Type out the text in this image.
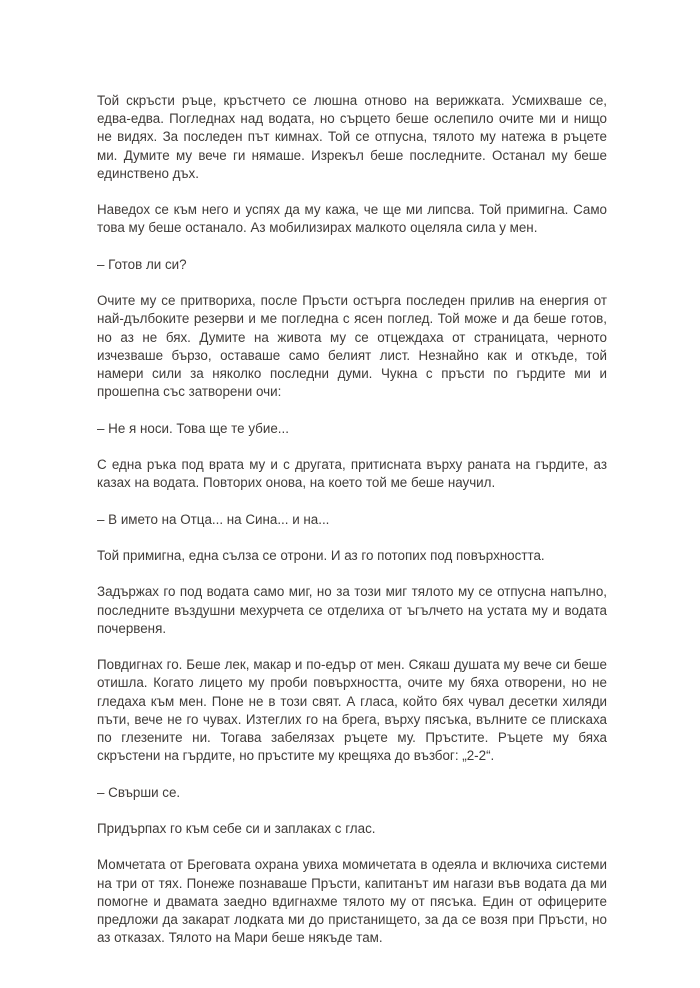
Той скръсти ръце, кръстчето се люшна отново на верижката. Усмихваше се, едва-едва. Погледнах над водата, но сърцето беше ослепило очите ми и нищо не видях. За последен път кимнах. Той се отпусна, тялото му натежа в ръцете ми. Думите му вече ги нямаше. Изрекъл беше последните. Останал му беше единствено дъх.

Наведох се към него и успях да му кажа, че ще ми липсва. Той примигна. Само това му беше останало. Аз мобилизирах малкото оцеляла сила у мен.

– Готов ли си?

Очите му се притвориха, после Пръсти остърга последен прилив на енергия от най-дълбоките резерви и ме погледна с ясен поглед. Той може и да беше готов, но аз не бях. Думите на живота му се отцеждаха от страницата, черното изчезваше бързо, оставаше само белият лист. Незнайно как и откъде, той намери сили за няколко последни думи. Чукна с пръсти по гърдите ми и прошепна със затворени очи:

– Не я носи. Това ще те убие...

С една ръка под врата му и с другата, притисната върху раната на гърдите, аз казах на водата. Повторих онова, на което той ме беше научил.

– В името на Отца... на Сина... и на...

Той примигна, една сълза се отрони. И аз го потопих под повърхността.

Задържах го под водата само миг, но за този миг тялото му се отпусна напълно, последните въздушни мехурчета се отделиха от ъгълчето на устата му и водата почервеня.

Повдигнах го. Беше лек, макар и по-едър от мен. Сякаш душата му вече си беше отишла. Когато лицето му проби повърхността, очите му бяха отворени, но не гледаха към мен. Поне не в този свят. А гласа, който бях чувал десетки хиляди пъти, вече не го чувах. Изтеглих го на брега, върху пясъка, вълните се плискаха по глезените ни. Тогава забелязах ръцете му. Пръстите. Ръцете му бяха скръстени на гърдите, но пръстите му крещяха до възбог: „2-2“.

– Свърши се.

Придърпах го към себе си и заплаках с глас.

Момчетата от Бреговата охрана увиха момичетата в одеяла и включиха системи на три от тях. Понеже познаваше Пръсти, капитанът им нагази във водата да ми помогне и двамата заедно вдигнахме тялото му от пясъка. Един от офицерите предложи да закарат лодката ми до пристанището, за да се возя при Пръсти, но аз отказах. Тялото на Мари беше някъде там.
